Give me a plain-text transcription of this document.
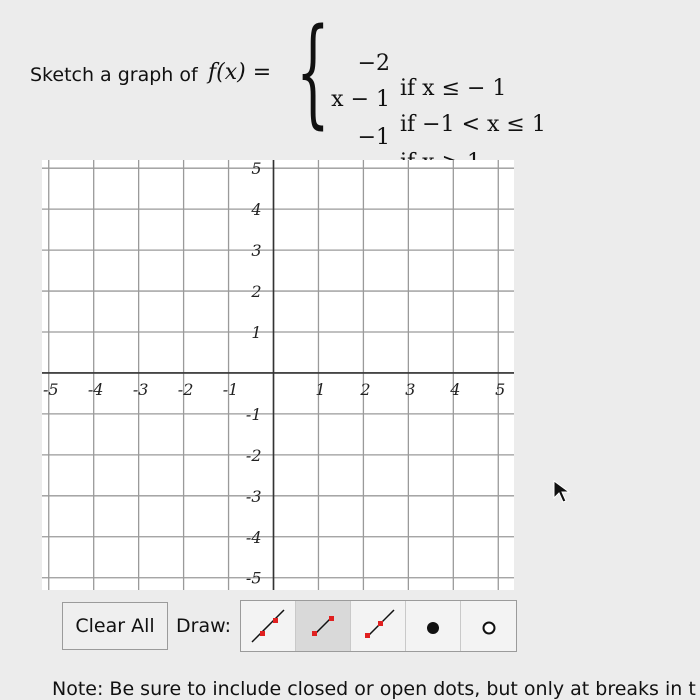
Sketch a graph of f(x) = {

−2

if x ≤ − 1

x − 1

if −1 < x ≤ 1

−1

-5 -4 -3 -2 -1	1 2 3 4 5
5
4
3
2
1
-1
-2
-3
-4
-5
Clear All	Draw:
Note: Be sure to include closed or open dots, but only at breaks in t
